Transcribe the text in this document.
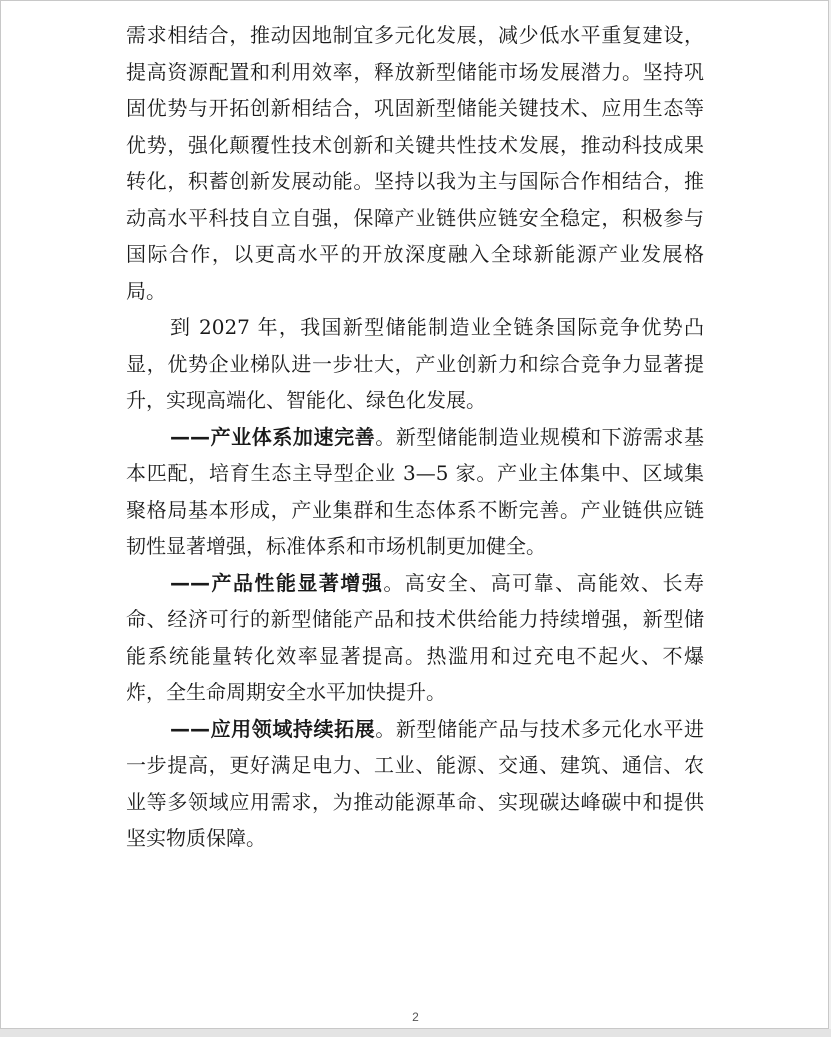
需求相结合，推动因地制宜多元化发展，减少低水平重复建设，提高资源配置和利用效率，释放新型储能市场发展潜力。坚持巩固优势与开拓创新相结合，巩固新型储能关键技术、应用生态等优势，强化颠覆性技术创新和关键共性技术发展，推动科技成果转化，积蓄创新发展动能。坚持以我为主与国际合作相结合，推动高水平科技自立自强，保障产业链供应链安全稳定，积极参与国际合作，以更高水平的开放深度融入全球新能源产业发展格局。

到 2027 年，我国新型储能制造业全链条国际竞争优势凸显，优势企业梯队进一步壮大，产业创新力和综合竞争力显著提升，实现高端化、智能化、绿色化发展。

——产业体系加速完善。新型储能制造业规模和下游需求基本匹配，培育生态主导型企业 3—5 家。产业主体集中、区域集聚格局基本形成，产业集群和生态体系不断完善。产业链供应链韧性显著增强，标准体系和市场机制更加健全。

——产品性能显著增强。高安全、高可靠、高能效、长寿命、经济可行的新型储能产品和技术供给能力持续增强，新型储能系统能量转化效率显著提高。热滥用和过充电不起火、不爆炸，全生命周期安全水平加快提升。

——应用领域持续拓展。新型储能产品与技术多元化水平进一步提高，更好满足电力、工业、能源、交通、建筑、通信、农业等多领域应用需求，为推动能源革命、实现碳达峰碳中和提供坚实物质保障。

2
